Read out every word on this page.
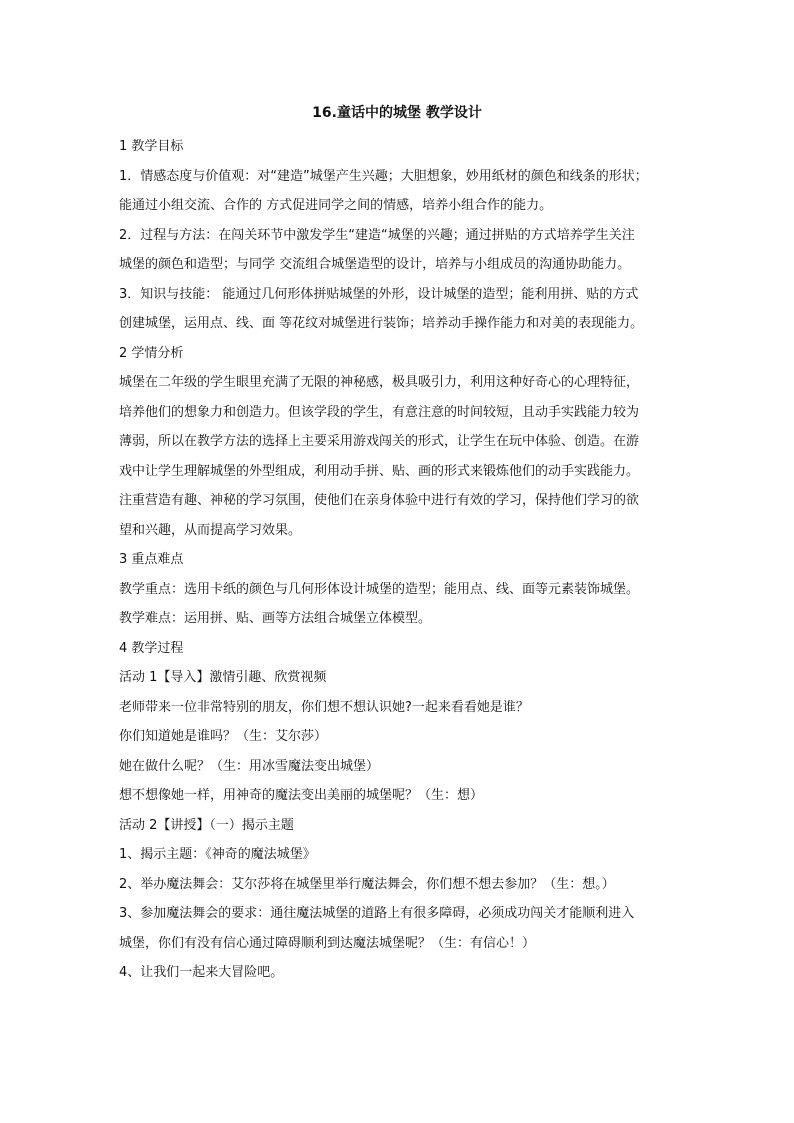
16.童话中的城堡 教学设计
1 教学目标
1．情感态度与价值观：对“建造”城堡产生兴趣；大胆想象，妙用纸材的颜色和线条的形状；
能通过小组交流、合作的 方式促进同学之间的情感，培养小组合作的能力。
2．过程与方法：在闯关环节中激发学生“建造“城堡的兴趣；通过拼贴的方式培养学生关注
城堡的颜色和造型；与同学 交流组合城堡造型的设计，培养与小组成员的沟通协助能力。
3．知识与技能： 能通过几何形体拼贴城堡的外形，设计城堡的造型；能利用拼、贴的方式
创建城堡，运用点、线、面 等花纹对城堡进行装饰；培养动手操作能力和对美的表现能力。
2 学情分析
城堡在二年级的学生眼里充满了无限的神秘感，极具吸引力，利用这种好奇心的心理特征，
培养他们的想象力和创造力。但该学段的学生，有意注意的时间较短，且动手实践能力较为
薄弱，所以在教学方法的选择上主要采用游戏闯关的形式，让学生在玩中体验、创造。在游
戏中让学生理解城堡的外型组成，利用动手拼、贴、画的形式来锻炼他们的动手实践能力。
注重营造有趣、神秘的学习氛围，使他们在亲身体验中进行有效的学习，保持他们学习的欲
望和兴趣，从而提高学习效果。
3 重点难点
教学重点：选用卡纸的颜色与几何形体设计城堡的造型；能用点、线、面等元素装饰城堡。
教学难点：运用拼、贴、画等方法组合城堡立体模型。
4 教学过程
活动 1【导入】激情引趣、欣赏视频
老师带来一位非常特别的朋友，你们想不想认识她?一起来看看她是谁？
你们知道她是谁吗？（生：艾尔莎）
她在做什么呢？（生：用冰雪魔法变出城堡）
想不想像她一样，用神奇的魔法变出美丽的城堡呢？（生：想）
活动 2【讲授】（一）揭示主题
1、揭示主题：《神奇的魔法城堡》
2、举办魔法舞会：艾尔莎将在城堡里举行魔法舞会，你们想不想去参加？（生：想。）
3、参加魔法舞会的要求：通往魔法城堡的道路上有很多障碍，必须成功闯关才能顺利进入
城堡，你们有没有信心通过障碍顺利到达魔法城堡呢？（生：有信心！）
4、让我们一起来大冒险吧。
